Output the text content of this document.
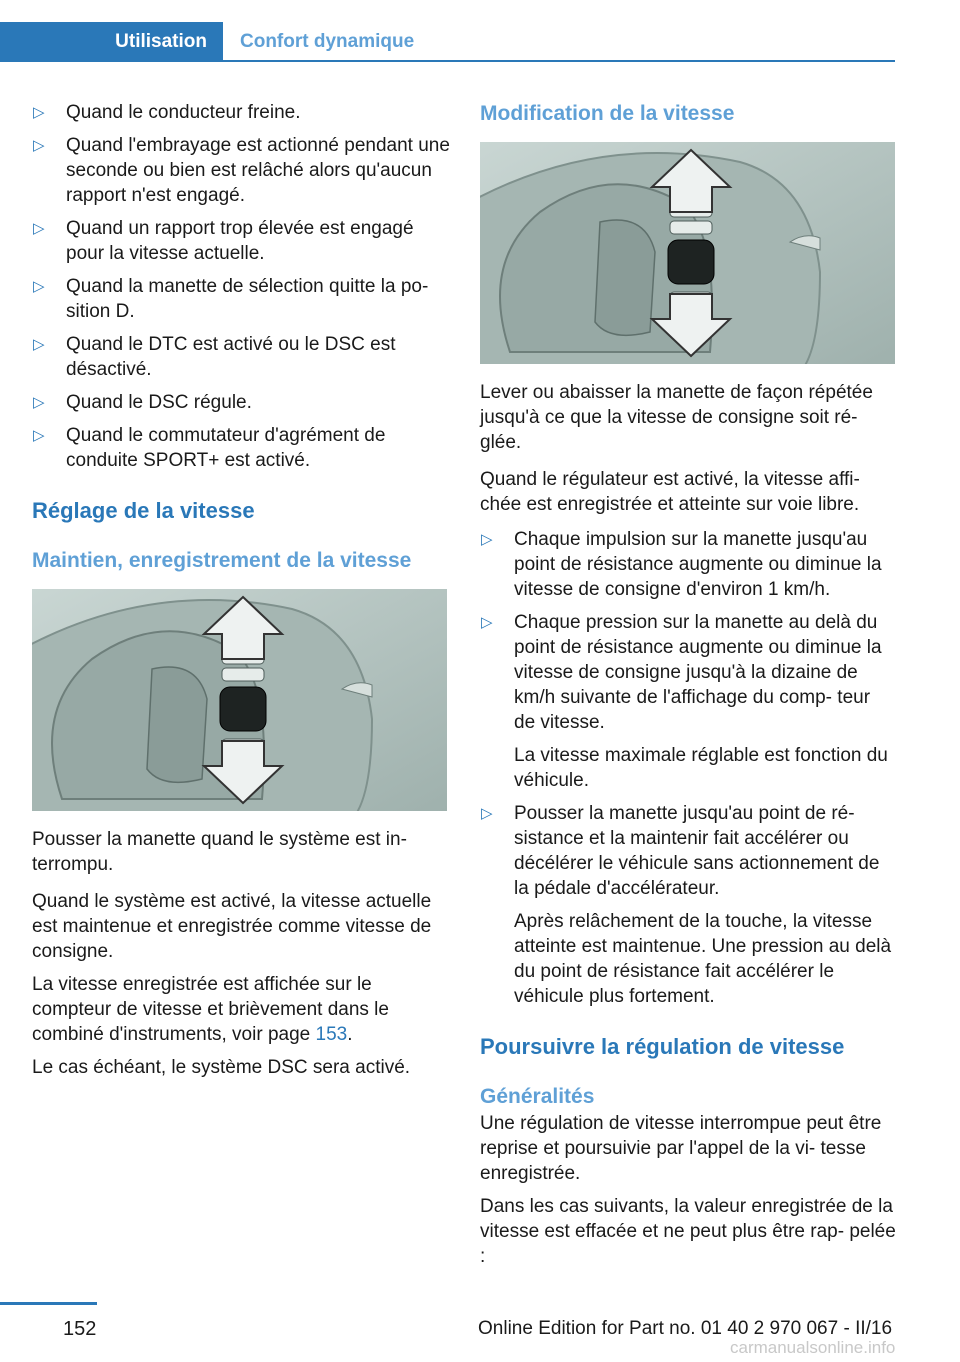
Utilisation	Confort dynamique
▷ Quand le conducteur freine.
▷ Quand l'embrayage est actionné pendant une seconde ou bien est relâché alors qu'aucun rapport n'est engagé.
▷ Quand un rapport trop élevée est engagé pour la vitesse actuelle.
▷ Quand la manette de sélection quitte la po‐ sition D.
▷ Quand le DTC est activé ou le DSC est désactivé.
▷ Quand le DSC régule.
▷ Quand le commutateur d'agrément de conduite SPORT+ est activé.
Réglage de la vitesse
Maintien, enregistrement de la vitesse

Pousser la manette quand le système est in‐ terrompu.

Quand le système est activé, la vitesse actuelle est maintenue et enregistrée comme vitesse de consigne.

La vitesse enregistrée est affichée sur le compteur de vitesse et brièvement dans le combiné d'instruments, voir page 153.

Le cas échéant, le système DSC sera activé.

Modification de la vitesse

Lever ou abaisser la manette de façon répétée jusqu'à ce que la vitesse de consigne soit ré‐ glée.

Quand le régulateur est activé, la vitesse affi‐ chée est enregistrée et atteinte sur voie libre.

▷ Chaque impulsion sur la manette jusqu'au point de résistance augmente ou diminue la vitesse de consigne d'environ 1 km/h.

▷ Chaque pression sur la manette au delà du point de résistance augmente ou diminue la vitesse de consigne jusqu'à la dizaine de km/h suivante de l'affichage du comp‐ teur de vitesse.

La vitesse maximale réglable est fonction du véhicule.

▷ Pousser la manette jusqu'au point de ré‐ sistance et la maintenir fait accélérer ou décélérer le véhicule sans actionnement de la pédale d'accélérateur.

Après relâchement de la touche, la vitesse atteinte est maintenue. Une pression au delà du point de résistance fait accélérer le véhicule plus fortement.

Poursuivre la régulation de vitesse
Généralités

Une régulation de vitesse interrompue peut être reprise et poursuivie par l'appel de la vi‐ tesse enregistrée.

Dans les cas suivants, la valeur enregistrée de la vitesse est effacée et ne peut plus être rap‐ pelée :

152	Online Edition for Part no. 01 40 2 970 067 - II/16
carmanualsonline.info
